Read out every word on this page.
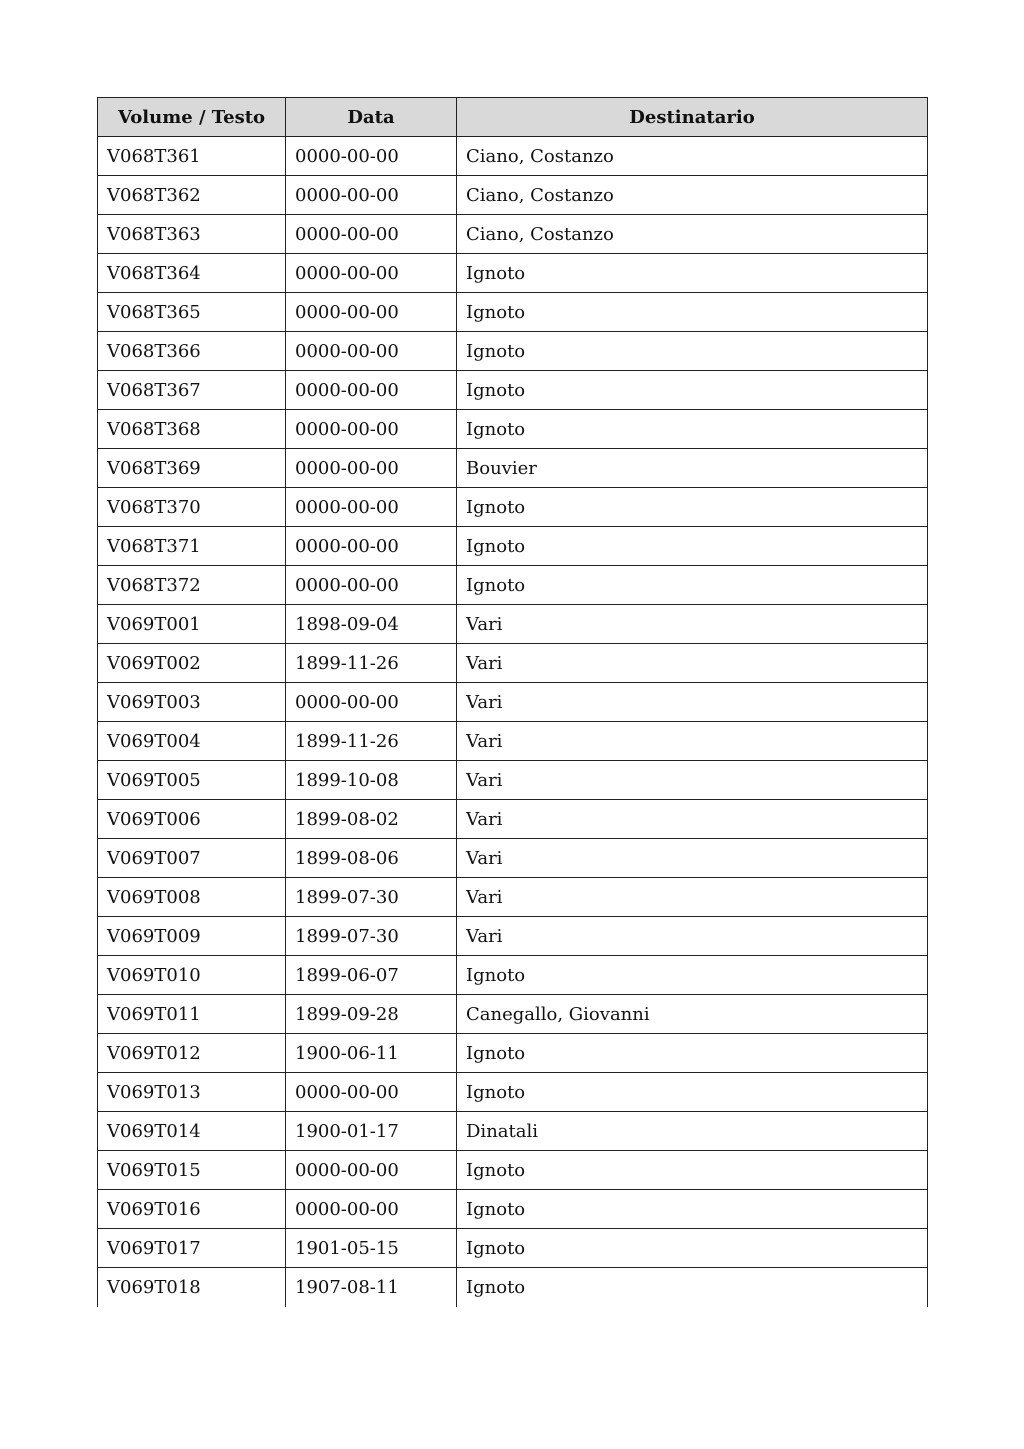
Volume / Testo	Data	Destinatario
V068T361	0000-00-00	Ciano, Costanzo
V068T362	0000-00-00	Ciano, Costanzo
V068T363	0000-00-00	Ciano, Costanzo
V068T364	0000-00-00	Ignoto
V068T365	0000-00-00	Ignoto
V068T366	0000-00-00	Ignoto
V068T367	0000-00-00	Ignoto
V068T368	0000-00-00	Ignoto
V068T369	0000-00-00	Bouvier
V068T370	0000-00-00	Ignoto
V068T371	0000-00-00	Ignoto
V068T372	0000-00-00	Ignoto
V069T001	1898-09-04	Vari
V069T002	1899-11-26	Vari
V069T003	0000-00-00	Vari
V069T004	1899-11-26	Vari
V069T005	1899-10-08	Vari
V069T006	1899-08-02	Vari
V069T007	1899-08-06	Vari
V069T008	1899-07-30	Vari
V069T009	1899-07-30	Vari
V069T010	1899-06-07	Ignoto
V069T011	1899-09-28	Canegallo, Giovanni
V069T012	1900-06-11	Ignoto
V069T013	0000-00-00	Ignoto
V069T014	1900-01-17	Dinatali
V069T015	0000-00-00	Ignoto
V069T016	0000-00-00	Ignoto
V069T017	1901-05-15	Ignoto
V069T018	1907-08-11	Ignoto
